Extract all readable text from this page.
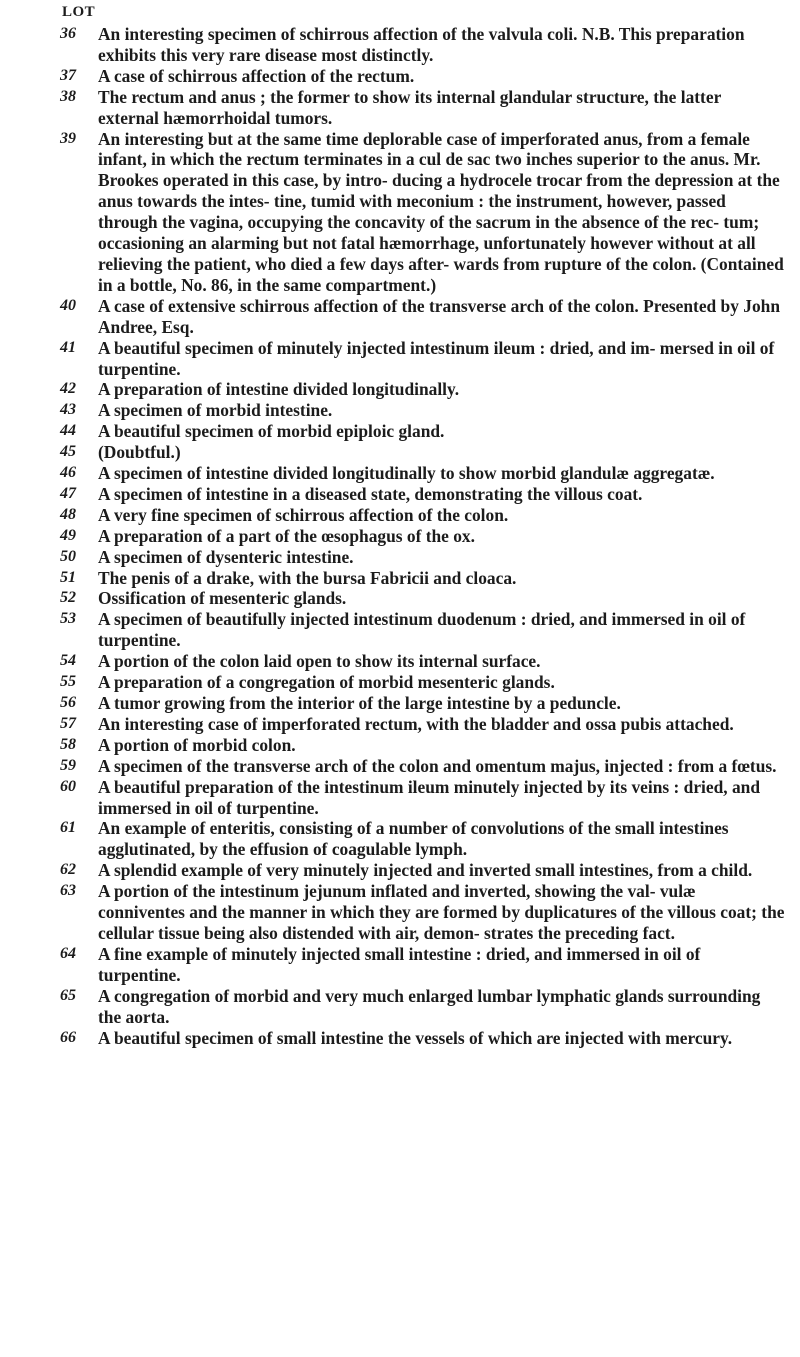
LOT
36	An interesting specimen of schirrous affection of the valvula coli. N.B. This preparation exhibits this very rare disease most distinctly.
37	A case of schirrous affection of the rectum.
38	The rectum and anus ; the former to show its internal glandular structure, the latter external hæmorrhoidal tumors.
39	An interesting but at the same time deplorable case of imperforated anus, from a female infant, in which the rectum terminates in a cul de sac two inches superior to the anus. Mr. Brookes operated in this case, by intro- ducing a hydrocele trocar from the depression at the anus towards the intes- tine, tumid with meconium : the instrument, however, passed through the vagina, occupying the concavity of the sacrum in the absence of the rec- tum; occasioning an alarming but not fatal hæmorrhage, unfortunately however without at all relieving the patient, who died a few days after- wards from rupture of the colon. (Contained in a bottle, No. 86, in the same compartment.)
40	A case of extensive schirrous affection of the transverse arch of the colon. Presented by John Andree, Esq.
41	A beautiful specimen of minutely injected intestinum ileum : dried, and im- mersed in oil of turpentine.
42	A preparation of intestine divided longitudinally.
43	A specimen of morbid intestine.
44	A beautiful specimen of morbid epiploic gland.
45	(Doubtful.)
46	A specimen of intestine divided longitudinally to show morbid glandulæ aggregatæ.
47	A specimen of intestine in a diseased state, demonstrating the villous coat.
48	A very fine specimen of schirrous affection of the colon.
49	A preparation of a part of the œsophagus of the ox.
50	A specimen of dysenteric intestine.
51	The penis of a drake, with the bursa Fabricii and cloaca.
52	Ossification of mesenteric glands.
53	A specimen of beautifully injected intestinum duodenum : dried, and immersed in oil of turpentine.
54	A portion of the colon laid open to show its internal surface.
55	A preparation of a congregation of morbid mesenteric glands.
56	A tumor growing from the interior of the large intestine by a peduncle.
57	An interesting case of imperforated rectum, with the bladder and ossa pubis attached.
58	A portion of morbid colon.
59	A specimen of the transverse arch of the colon and omentum majus, injected : from a fœtus.
60	A beautiful preparation of the intestinum ileum minutely injected by its veins : dried, and immersed in oil of turpentine.
61	An example of enteritis, consisting of a number of convolutions of the small intestines agglutinated, by the effusion of coagulable lymph.
62	A splendid example of very minutely injected and inverted small intestines, from a child.
63	A portion of the intestinum jejunum inflated and inverted, showing the val- vulæ conniventes and the manner in which they are formed by duplicatures of the villous coat; the cellular tissue being also distended with air, demon- strates the preceding fact.
64	A fine example of minutely injected small intestine : dried, and immersed in oil of turpentine.
65	A congregation of morbid and very much enlarged lumbar lymphatic glands surrounding the aorta.
66	A beautiful specimen of small intestine the vessels of which are injected with mercury.
